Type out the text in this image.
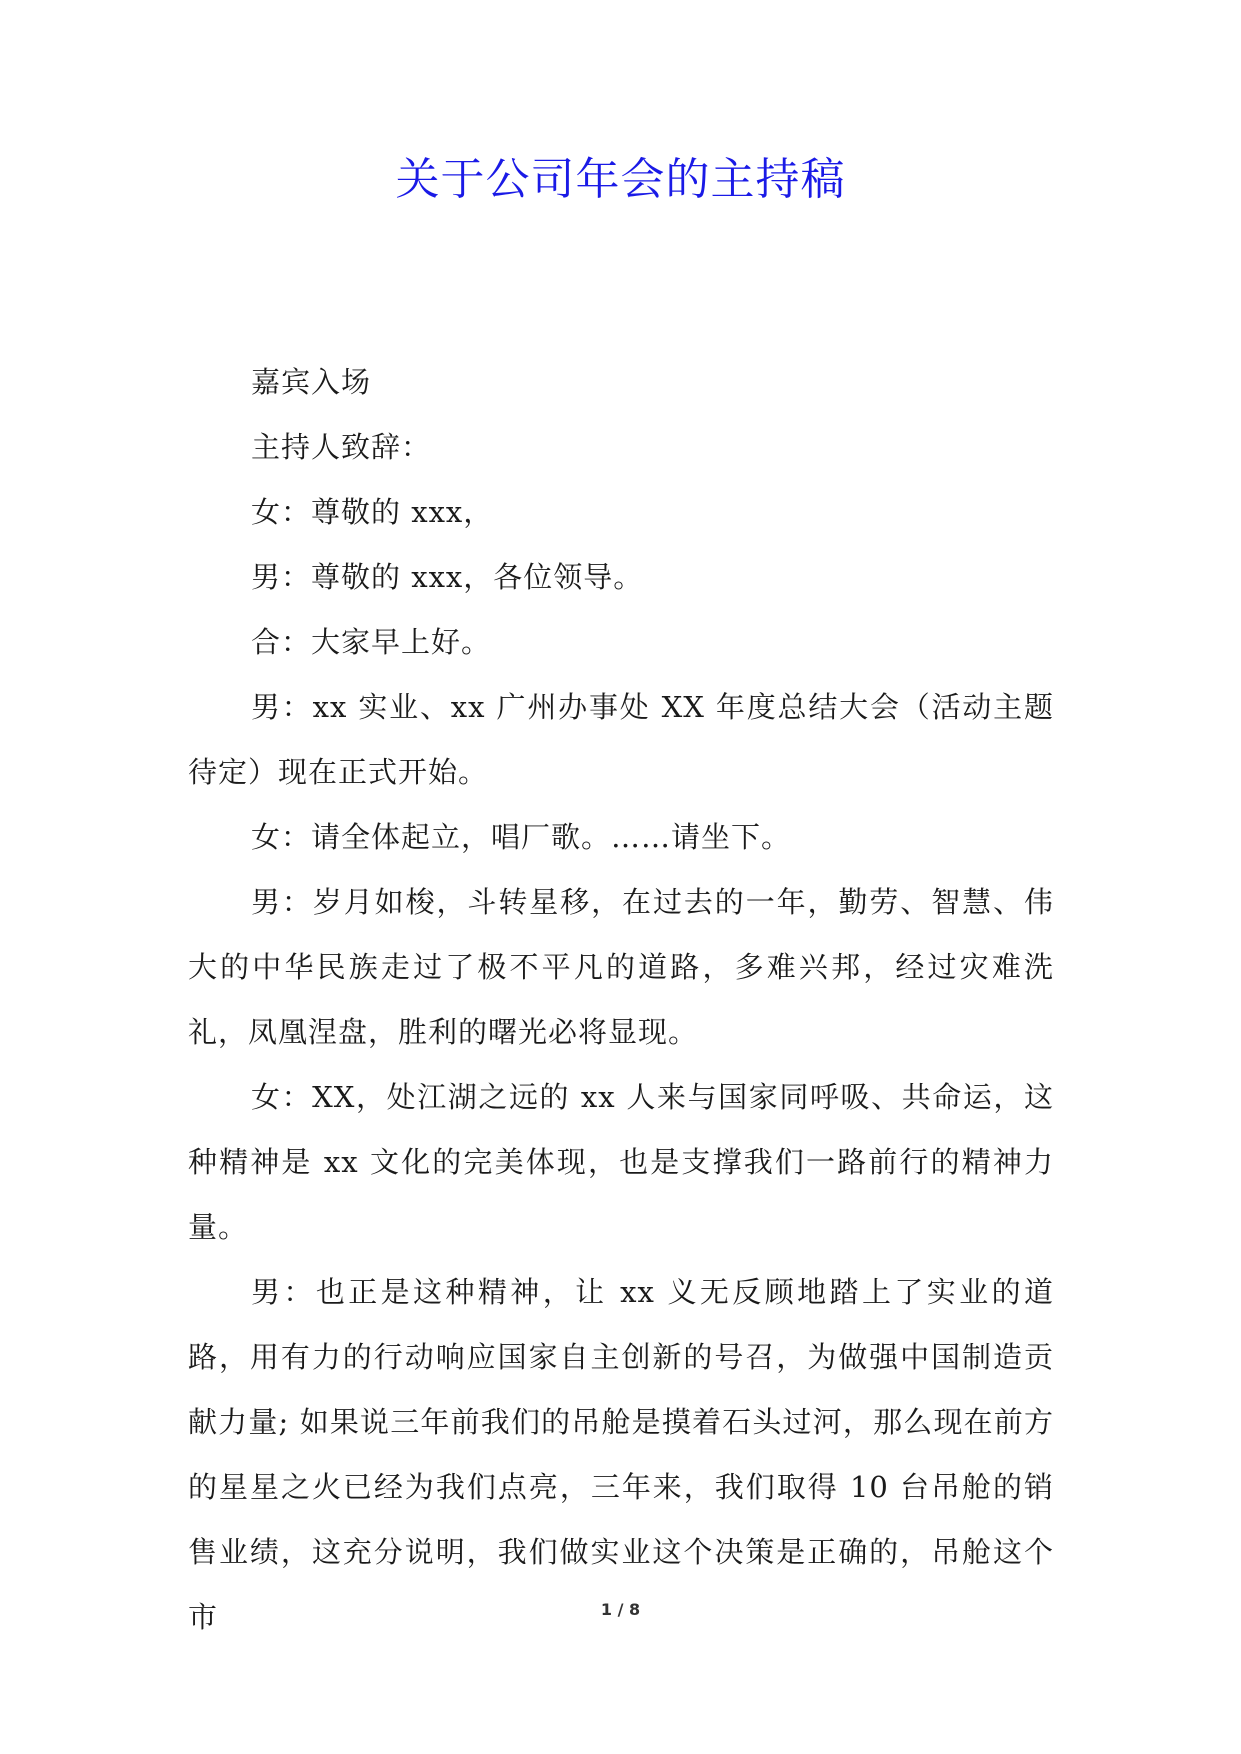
关于公司年会的主持稿

嘉宾入场

主持人致辞：

女：尊敬的 xxx，

男：尊敬的 xxx，各位领导。

合：大家早上好。

男：xx 实业、xx 广州办事处 XX 年度总结大会（活动主题待定）现在正式开始。

女：请全体起立，唱厂歌。……请坐下。

男：岁月如梭，斗转星移，在过去的一年，勤劳、智慧、伟大的中华民族走过了极不平凡的道路，多难兴邦，经过灾难洗礼，凤凰涅盘，胜利的曙光必将显现。

女：XX，处江湖之远的 xx 人来与国家同呼吸、共命运，这种精神是 xx 文化的完美体现，也是支撑我们一路前行的精神力量。

男：也正是这种精神，让 xx 义无反顾地踏上了实业的道路，用有力的行动响应国家自主创新的号召，为做强中国制造贡献力量; 如果说三年前我们的吊舱是摸着石头过河，那么现在前方的星星之火已经为我们点亮，三年来，我们取得 10 台吊舱的销售业绩，这充分说明，我们做实业这个决策是正确的，吊舱这个市	1 / 8
